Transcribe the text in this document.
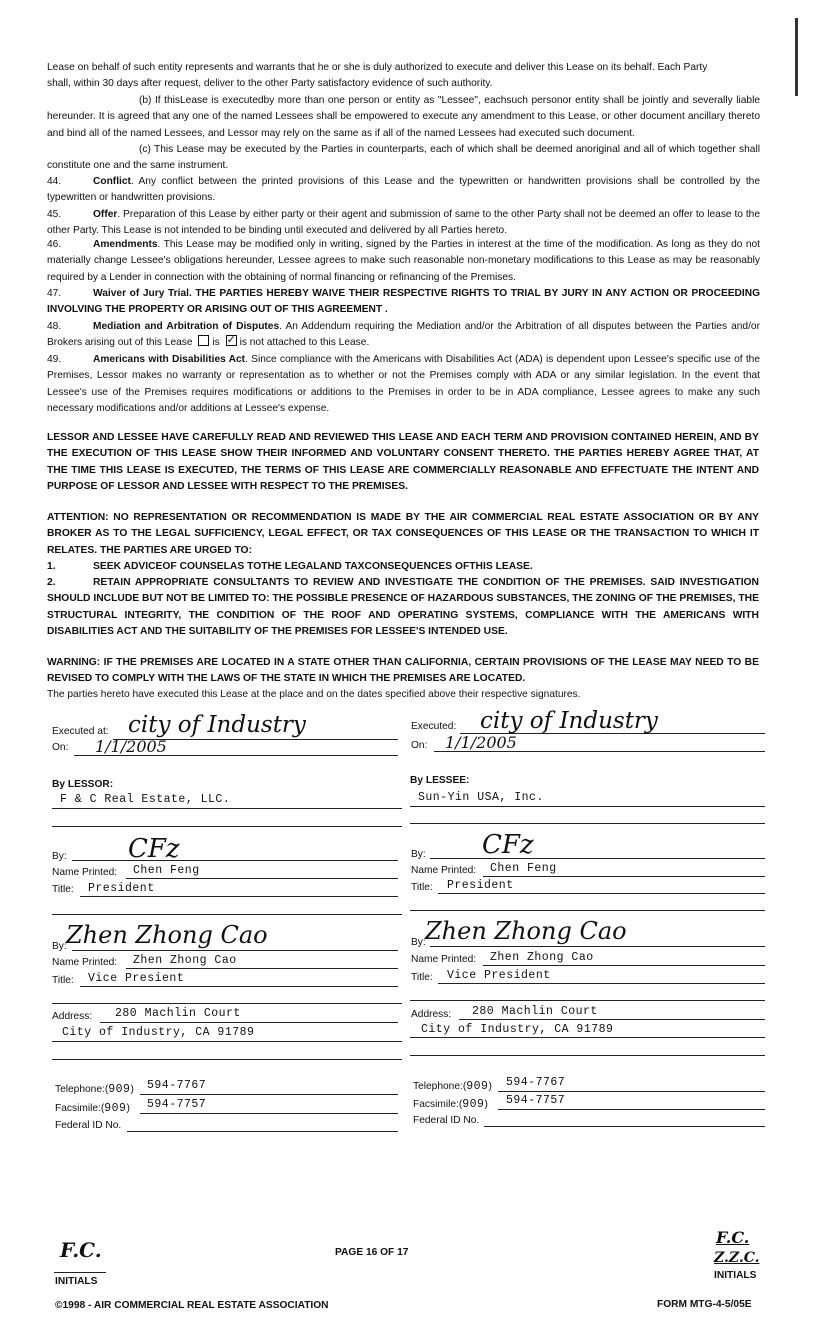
Lease on behalf of such entity represents and warrants that he or she is duly authorized to execute and deliver this Lease on its behalf. Each Party
shall, within 30 days after request, deliver to the other Party satisfactory evidence of such authority.
(b) If thisLease is executedby more than one person or entity as "Lessee", eachsuch personor entity shall be jointly and severally liable hereunder. It is agreed that any one of the named Lessees shall be empowered to execute any amendment to this Lease, or other document ancillary thereto and bind all of the named Lessees, and Lessor may rely on the same as if all of the named Lessees had executed such document.
(c) This Lease may be executed by the Parties in counterparts, each of which shall be deemed anoriginal and all of which together shall constitute one and the same instrument.
44.	Conflict. Any conflict between the printed provisions of this Lease and the typewritten or handwritten provisions shall be controlled by the typewritten or handwritten provisions.
45.	Offer. Preparation of this Lease by either party or their agent and submission of same to the other Party shall not be deemed an offer to lease to the other Party. This Lease is not intended to be binding until executed and delivered by all Parties hereto.
46.	Amendments. This Lease may be modified only in writing, signed by the Parties in interest at the time of the modification. As long as they do not materially change Lessee's obligations hereunder, Lessee agrees to make such reasonable non-monetary modifications to this Lease as may be reasonably required by a Lender in connection with the obtaining of normal financing or refinancing of the Premises.
47.	Waiver of Jury Trial. THE PARTIES HEREBY WAIVE THEIR RESPECTIVE RIGHTS TO TRIAL BY JURY IN ANY ACTION OR PROCEEDING INVOLVING THE PROPERTY OR ARISING OUT OF THIS AGREEMENT .
48.	Mediation and Arbitration of Disputes. An Addendum requiring the Mediation and/or the Arbitration of all disputes between the Parties and/or Brokers arising out of this Lease is ✓ is not attached to this Lease.
49.	Americans with Disabilities Act. Since compliance with the Americans with Disabilities Act (ADA) is dependent upon Lessee's specific use of the Premises, Lessor makes no warranty or representation as to whether or not the Premises comply with ADA or any similar legislation. In the event that Lessee's use of the Premises requires modifications or additions to the Premises in order to be in ADA compliance, Lessee agrees to make any such necessary modifications and/or additions at Lessee's expense.
LESSOR AND LESSEE HAVE CAREFULLY READ AND REVIEWED THIS LEASE AND EACH TERM AND PROVISION CONTAINED HEREIN, AND BY THE EXECUTION OF THIS LEASE SHOW THEIR INFORMED AND VOLUNTARY CONSENT THERETO. THE PARTIES HEREBY AGREE THAT, AT THE TIME THIS LEASE IS EXECUTED, THE TERMS OF THIS LEASE ARE COMMERCIALLY REASONABLE AND EFFECTUATE THE INTENT AND PURPOSE OF LESSOR AND LESSEE WITH RESPECT TO THE PREMISES.
ATTENTION: NO REPRESENTATION OR RECOMMENDATION IS MADE BY THE AIR COMMERCIAL REAL ESTATE ASSOCIATION OR BY ANY BROKER AS TO THE LEGAL SUFFICIENCY, LEGAL EFFECT, OR TAX CONSEQUENCES OF THIS LEASE OR THE TRANSACTION TO WHICH IT RELATES. THE PARTIES ARE URGED TO:
1.	SEEK ADVICEOF COUNSELAS TOTHE LEGALAND TAXCONSEQUENCES OFTHIS LEASE.
2.	RETAIN APPROPRIATE CONSULTANTS TO REVIEW AND INVESTIGATE THE CONDITION OF THE PREMISES. SAID INVESTIGATION SHOULD INCLUDE BUT NOT BE LIMITED TO: THE POSSIBLE PRESENCE OF HAZARDOUS SUBSTANCES, THE ZONING OF THE PREMISES, THE STRUCTURAL INTEGRITY, THE CONDITION OF THE ROOF AND OPERATING SYSTEMS, COMPLIANCE WITH THE AMERICANS WITH DISABILITIES ACT AND THE SUITABILITY OF THE PREMISES FOR LESSEE'S INTENDED USE.
WARNING: IF THE PREMISES ARE LOCATED IN A STATE OTHER THAN CALIFORNIA, CERTAIN PROVISIONS OF THE LEASE MAY NEED TO BE REVISED TO COMPLY WITH THE LAWS OF THE STATE IN WHICH THE PREMISES ARE LOCATED.
The parties hereto have executed this Lease at the place and on the dates specified above their respective signatures.
Executed at: city of Industry
On: 1/1/2005
By LESSOR:
F & C Real Estate, LLC.
By: CFz
Name Printed: Chen Feng
Title: President
By: Zhen Zhong Cao
Name Printed: Zhen Zhong Cao
Title: Vice Presient
Address: 280 Machlin Court
City of Industry, CA 91789
Telephone:(909) 594-7767
Facsimile:(909) 594-7757
Federal ID No.
Executed: city of Industry
On: 1/1/2005
By LESSEE:
Sun-Yin USA, Inc.
By: CFz
Name Printed: Chen Feng
Title: President
By: Zhen Zhong Cao
Name Printed: Zhen Zhong Cao
Title: Vice President
Address: 280 Machlin Court
City of Industry, CA 91789
Telephone:(909) 594-7767
Facsimile:(909) 594-7757
Federal ID No.
F.C.
INITIALS
PAGE 16 OF 17
F.C.
Z.Z.C.
INITIALS
©1998 - AIR COMMERCIAL REAL ESTATE ASSOCIATION	FORM MTG-4-5/05E
